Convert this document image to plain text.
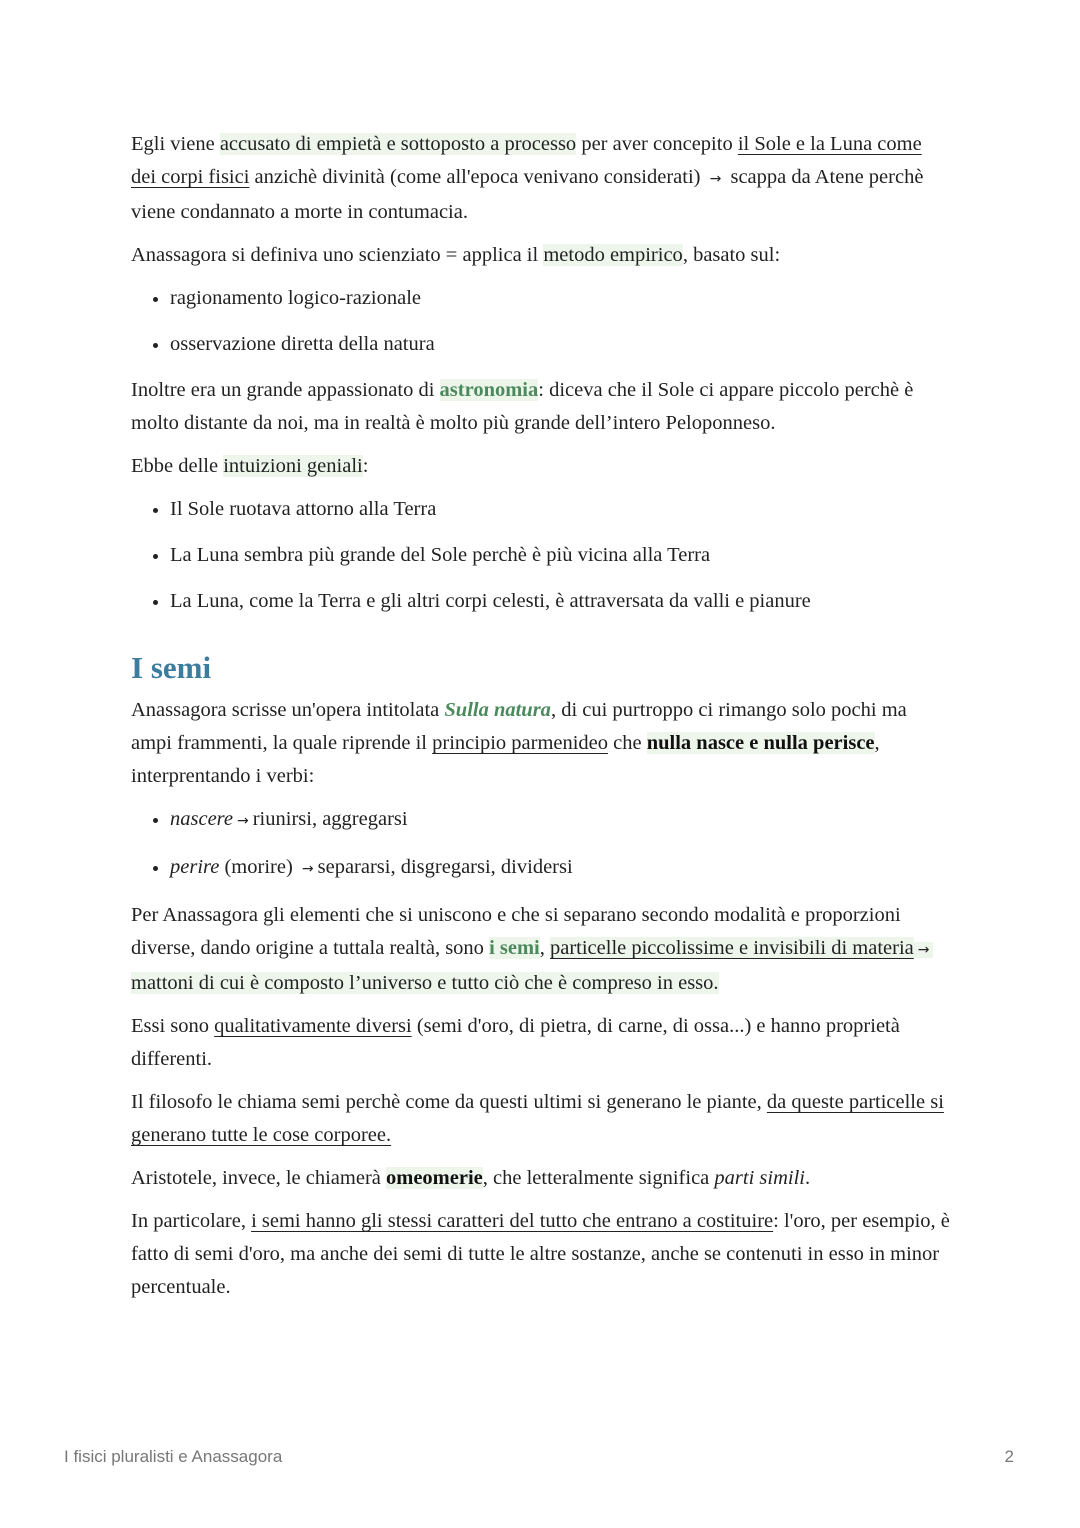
Egli viene accusato di empietà e sottoposto a processo per aver concepito il Sole e la Luna come dei corpi fisici anzichè divinità (come all'epoca venivano considerati) → scappa da Atene perchè viene condannato a morte in contumacia.

Anassagora si definiva uno scienziato = applica il metodo empirico, basato sul:

• ragionamento logico-razionale
• osservazione diretta della natura

Inoltre era un grande appassionato di astronomia: diceva che il Sole ci appare piccolo perchè è molto distante da noi, ma in realtà è molto più grande dell’intero Peloponneso.

Ebbe delle intuizioni geniali:

• Il Sole ruotava attorno alla Terra
• La Luna sembra più grande del Sole perchè è più vicina alla Terra
• La Luna, come la Terra e gli altri corpi celesti, è attraversata da valli e pianure
I semi

Anassagora scrisse un'opera intitolata Sulla natura, di cui purtroppo ci rimango solo pochi ma ampi frammenti, la quale riprende il principio parmenideo che nulla nasce e nulla perisce, interprentando i verbi:

• nascere → riunirsi, aggregarsi
• perire (morire) → separarsi, disgregarsi, dividersi

Per Anassagora gli elementi che si uniscono e che si separano secondo modalità e proporzioni diverse, dando origine a tuttala realtà, sono i semi, particelle piccolissime e invisibili di materia → mattoni di cui è composto l’universo e tutto ciò che è compreso in esso.

Essi sono qualitativamente diversi (semi d'oro, di pietra, di carne, di ossa...) e hanno proprietà differenti.

Il filosofo le chiama semi perchè come da questi ultimi si generano le piante, da queste particelle si generano tutte le cose corporee.

Aristotele, invece, le chiamerà omeomerie, che letteralmente significa parti simili.

In particolare, i semi hanno gli stessi caratteri del tutto che entrano a costituire: l'oro, per esempio, è fatto di semi d'oro, ma anche dei semi di tutte le altre sostanze, anche se contenuti in esso in minor percentuale.

I fisici pluralisti e Anassagora	2
